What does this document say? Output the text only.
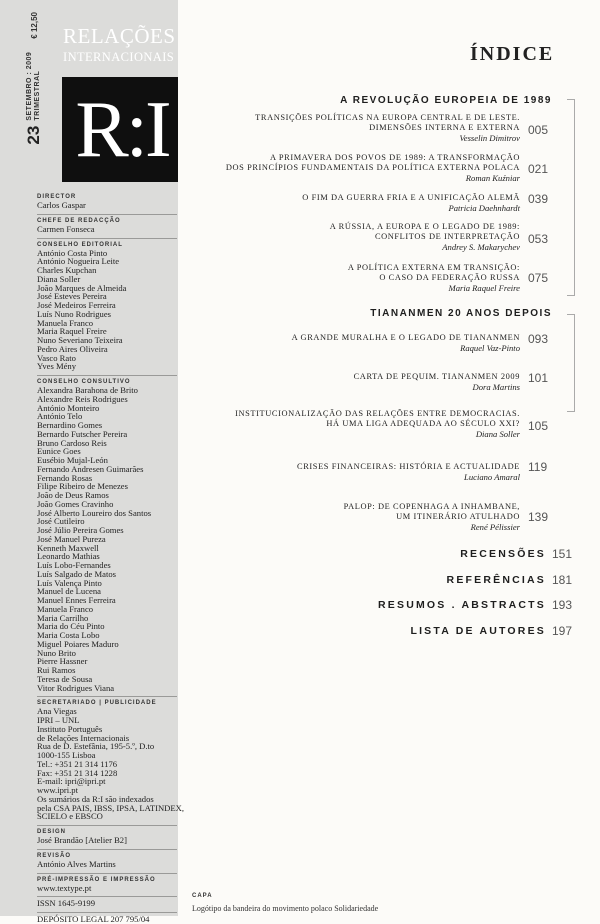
23
SETEMBRO : 2009 TRIMESTRAL
€ 12,50 RELAÇÕES
INTERNACIONAIS
R:I
DIRECTOR
Carlos Gaspar
CHEFE DE REDACÇÃO
Carmen Fonseca
CONSELHO EDITORIAL
António Costa Pinto
António Nogueira Leite
Charles Kupchan
Diana Soller
João Marques de Almeida
José Esteves Pereira
José Medeiros Ferreira
Luís Nuno Rodrigues
Manuela Franco
Maria Raquel Freire
Nuno Severiano Teixeira
Pedro Aires Oliveira
Vasco Rato
Yves Mény
CONSELHO CONSULTIVO
Alexandra Barahona de Brito
Alexandre Reis Rodrigues
António Monteiro
António Telo
Bernardino Gomes
Bernardo Futscher Pereira
Bruno Cardoso Reis
Eunice Goes
Eusébio Mujal-León
Fernando Andresen Guimarães
Fernando Rosas
Filipe Ribeiro de Menezes
João de Deus Ramos
João Gomes Cravinho
José Alberto Loureiro dos Santos
José Cutileiro
José Júlio Pereira Gomes
José Manuel Pureza
Kenneth Maxwell
Leonardo Mathias
Luís Lobo-Fernandes
Luís Salgado de Matos
Luís Valença Pinto
Manuel de Lucena
Manuel Ennes Ferreira
Manuela Franco
Maria Carrilho
Maria do Céu Pinto
Maria Costa Lobo
Miguel Poiares Maduro
Nuno Brito
Pierre Hassner
Rui Ramos
Teresa de Sousa
Vitor Rodrigues Viana
SECRETARIADO | PUBLICIDADE
Ana Viegas
IPRI – UNL
Instituto Português
de Relações Internacionais
Rua de D. Estefânia, 195-5.º, D.to
1000-155 Lisboa
Tel.: +351 21 314 1176
Fax: +351 21 314 1228
E-mail: ipri@ipri.pt
www.ipri.pt
Os sumários da R:I são indexados
pela CSA PAIS, IBSS, IPSA, LATINDEX,
SCIELO e EBSCO
DESIGN
José Brandão [Atelier B2]
REVISÃO
António Alves Martins
PRÉ-IMPRESSÃO E IMPRESSÃO
www.textype.pt
ISSN 1645-9199
DEPÓSITO LEGAL 207 795/04
ÍNDICE
A REVOLUÇÃO EUROPEIA DE 1989
TRANSIÇÕES POLÍTICAS NA EUROPA CENTRAL E DE LESTE.
DIMENSÕES INTERNA E EXTERNA
Vesselin Dimitrov
005
A PRIMAVERA DOS POVOS DE 1989: A TRANSFORMAÇÃO
DOS PRINCÍPIOS FUNDAMENTAIS DA POLÍTICA EXTERNA POLACA
Roman Kuźniar
021
O FIM DA GUERRA FRIA E A UNIFICAÇÃO ALEMÃ
Patricia Daehnhardt
039
A RÚSSIA, A EUROPA E O LEGADO DE 1989:
CONFLITOS DE INTERPRETAÇÃO
Andrey S. Makarychev
053
A POLÍTICA EXTERNA EM TRANSIÇÃO:
O CASO DA FEDERAÇÃO RUSSA
Maria Raquel Freire
075
TIANANMEN 20 ANOS DEPOIS
A GRANDE MURALHA E O LEGADO DE TIANANMEN
Raquel Vaz-Pinto
093
CARTA DE PEQUIM. TIANANMEN 2009
Dora Martins
101
INSTITUCIONALIZAÇÃO DAS RELAÇÕES ENTRE DEMOCRACIAS.
HÁ UMA LIGA ADEQUADA AO SÉCULO XXI?
Diana Soller
105
CRISES FINANCEIRAS: HISTÓRIA E ACTUALIDADE
Luciano Amaral
119
PALOP: DE COPENHAGA A INHAMBANE,
UM ITINERÁRIO ATULHADO
René Pélissier
139
RECENSÕES 151
REFERÊNCIAS 181
RESUMOS . ABSTRACTS 193
LISTA DE AUTORES 197
CAPA
Logótipo da bandeira do movimento polaco Solidariedade
